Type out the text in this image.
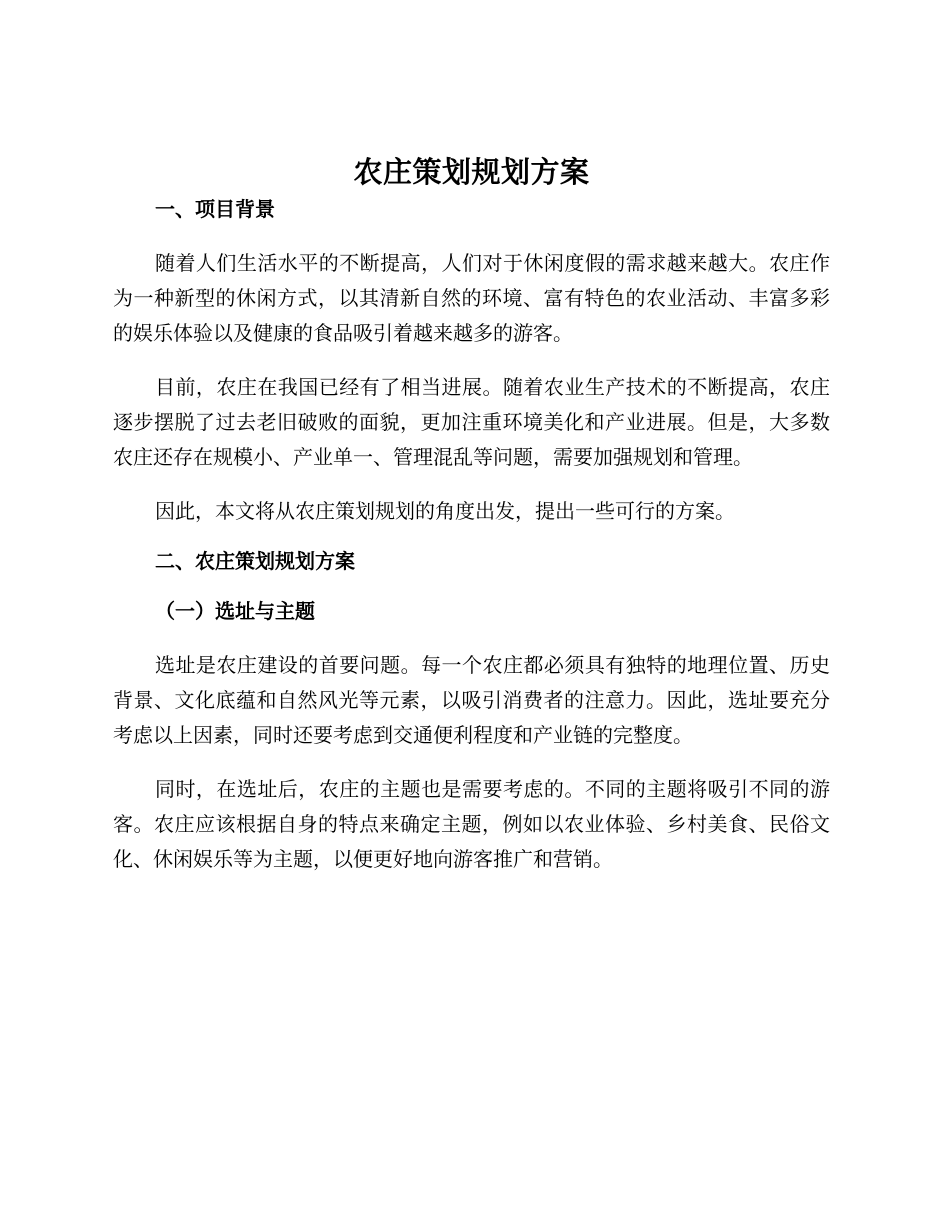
农庄策划规划方案
一、项目背景

随着人们生活水平的不断提高，人们对于休闲度假的需求越来越大。农庄作为一种新型的休闲方式，以其清新自然的环境、富有特色的农业活动、丰富多彩的娱乐体验以及健康的食品吸引着越来越多的游客。

目前，农庄在我国已经有了相当进展。随着农业生产技术的不断提高，农庄逐步摆脱了过去老旧破败的面貌，更加注重环境美化和产业进展。但是，大多数农庄还存在规模小、产业单一、管理混乱等问题，需要加强规划和管理。

因此，本文将从农庄策划规划的角度出发，提出一些可行的方案。

二、农庄策划规划方案
（一）选址与主题

选址是农庄建设的首要问题。每一个农庄都必须具有独特的地理位置、历史背景、文化底蕴和自然风光等元素，以吸引消费者的注意力。因此，选址要充分考虑以上因素，同时还要考虑到交通便利程度和产业链的完整度。

同时，在选址后，农庄的主题也是需要考虑的。不同的主题将吸引不同的游客。农庄应该根据自身的特点来确定主题，例如以农业体验、乡村美食、民俗文化、休闲娱乐等为主题，以便更好地向游客推广和营销。
